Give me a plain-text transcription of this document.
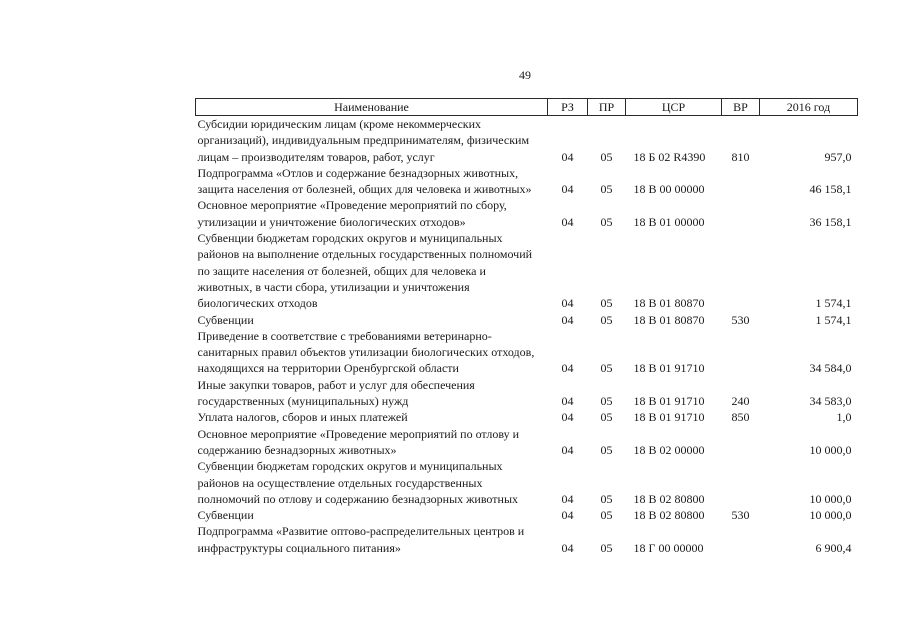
49
Наименование	РЗ	ПР	ЦСР	ВР	2016 год
Субсидии юридическим лицам (кроме некоммерческих организаций), индивидуальным предпринимателям, физическим лицам – производителям товаров, работ, услуг	04	05	18 Б 02 R4390	810	957,0
Подпрограмма «Отлов и содержание безнадзорных животных, защита населения от болезней, общих для человека и животных»	04	05	18 В 00 00000		46 158,1
Основное мероприятие «Проведение мероприятий по сбору, утилизации и уничтожение биологических отходов»	04	05	18 В 01 00000		36 158,1
Субвенции бюджетам городских округов и муниципальных районов на выполнение отдельных государственных полномочий по защите населения от болезней, общих для человека и животных, в части сбора, утилизации и уничтожения биологических отходов	04	05	18 В 01 80870		1 574,1
Субвенции	04	05	18 В 01 80870	530	1 574,1
Приведение в соответствие с требованиями ветеринарно-санитарных правил объектов утилизации биологических отходов, находящихся на территории Оренбургской области	04	05	18 В 01 91710		34 584,0
Иные закупки товаров, работ и услуг для обеспечения государственных (муниципальных) нужд	04	05	18 В 01 91710	240	34 583,0
Уплата налогов, сборов и иных платежей	04	05	18 В 01 91710	850	1,0
Основное мероприятие «Проведение мероприятий по отлову и содержанию безнадзорных животных»	04	05	18 В 02 00000		10 000,0
Субвенции бюджетам городских округов и муниципальных районов на осуществление отдельных государственных полномочий по отлову и содержанию безнадзорных животных	04	05	18 В 02 80800		10 000,0
Субвенции	04	05	18 В 02 80800	530	10 000,0
Подпрограмма «Развитие оптово-распределительных центров и инфраструктуры социального питания»	04	05	18 Г 00 00000		6 900,4
